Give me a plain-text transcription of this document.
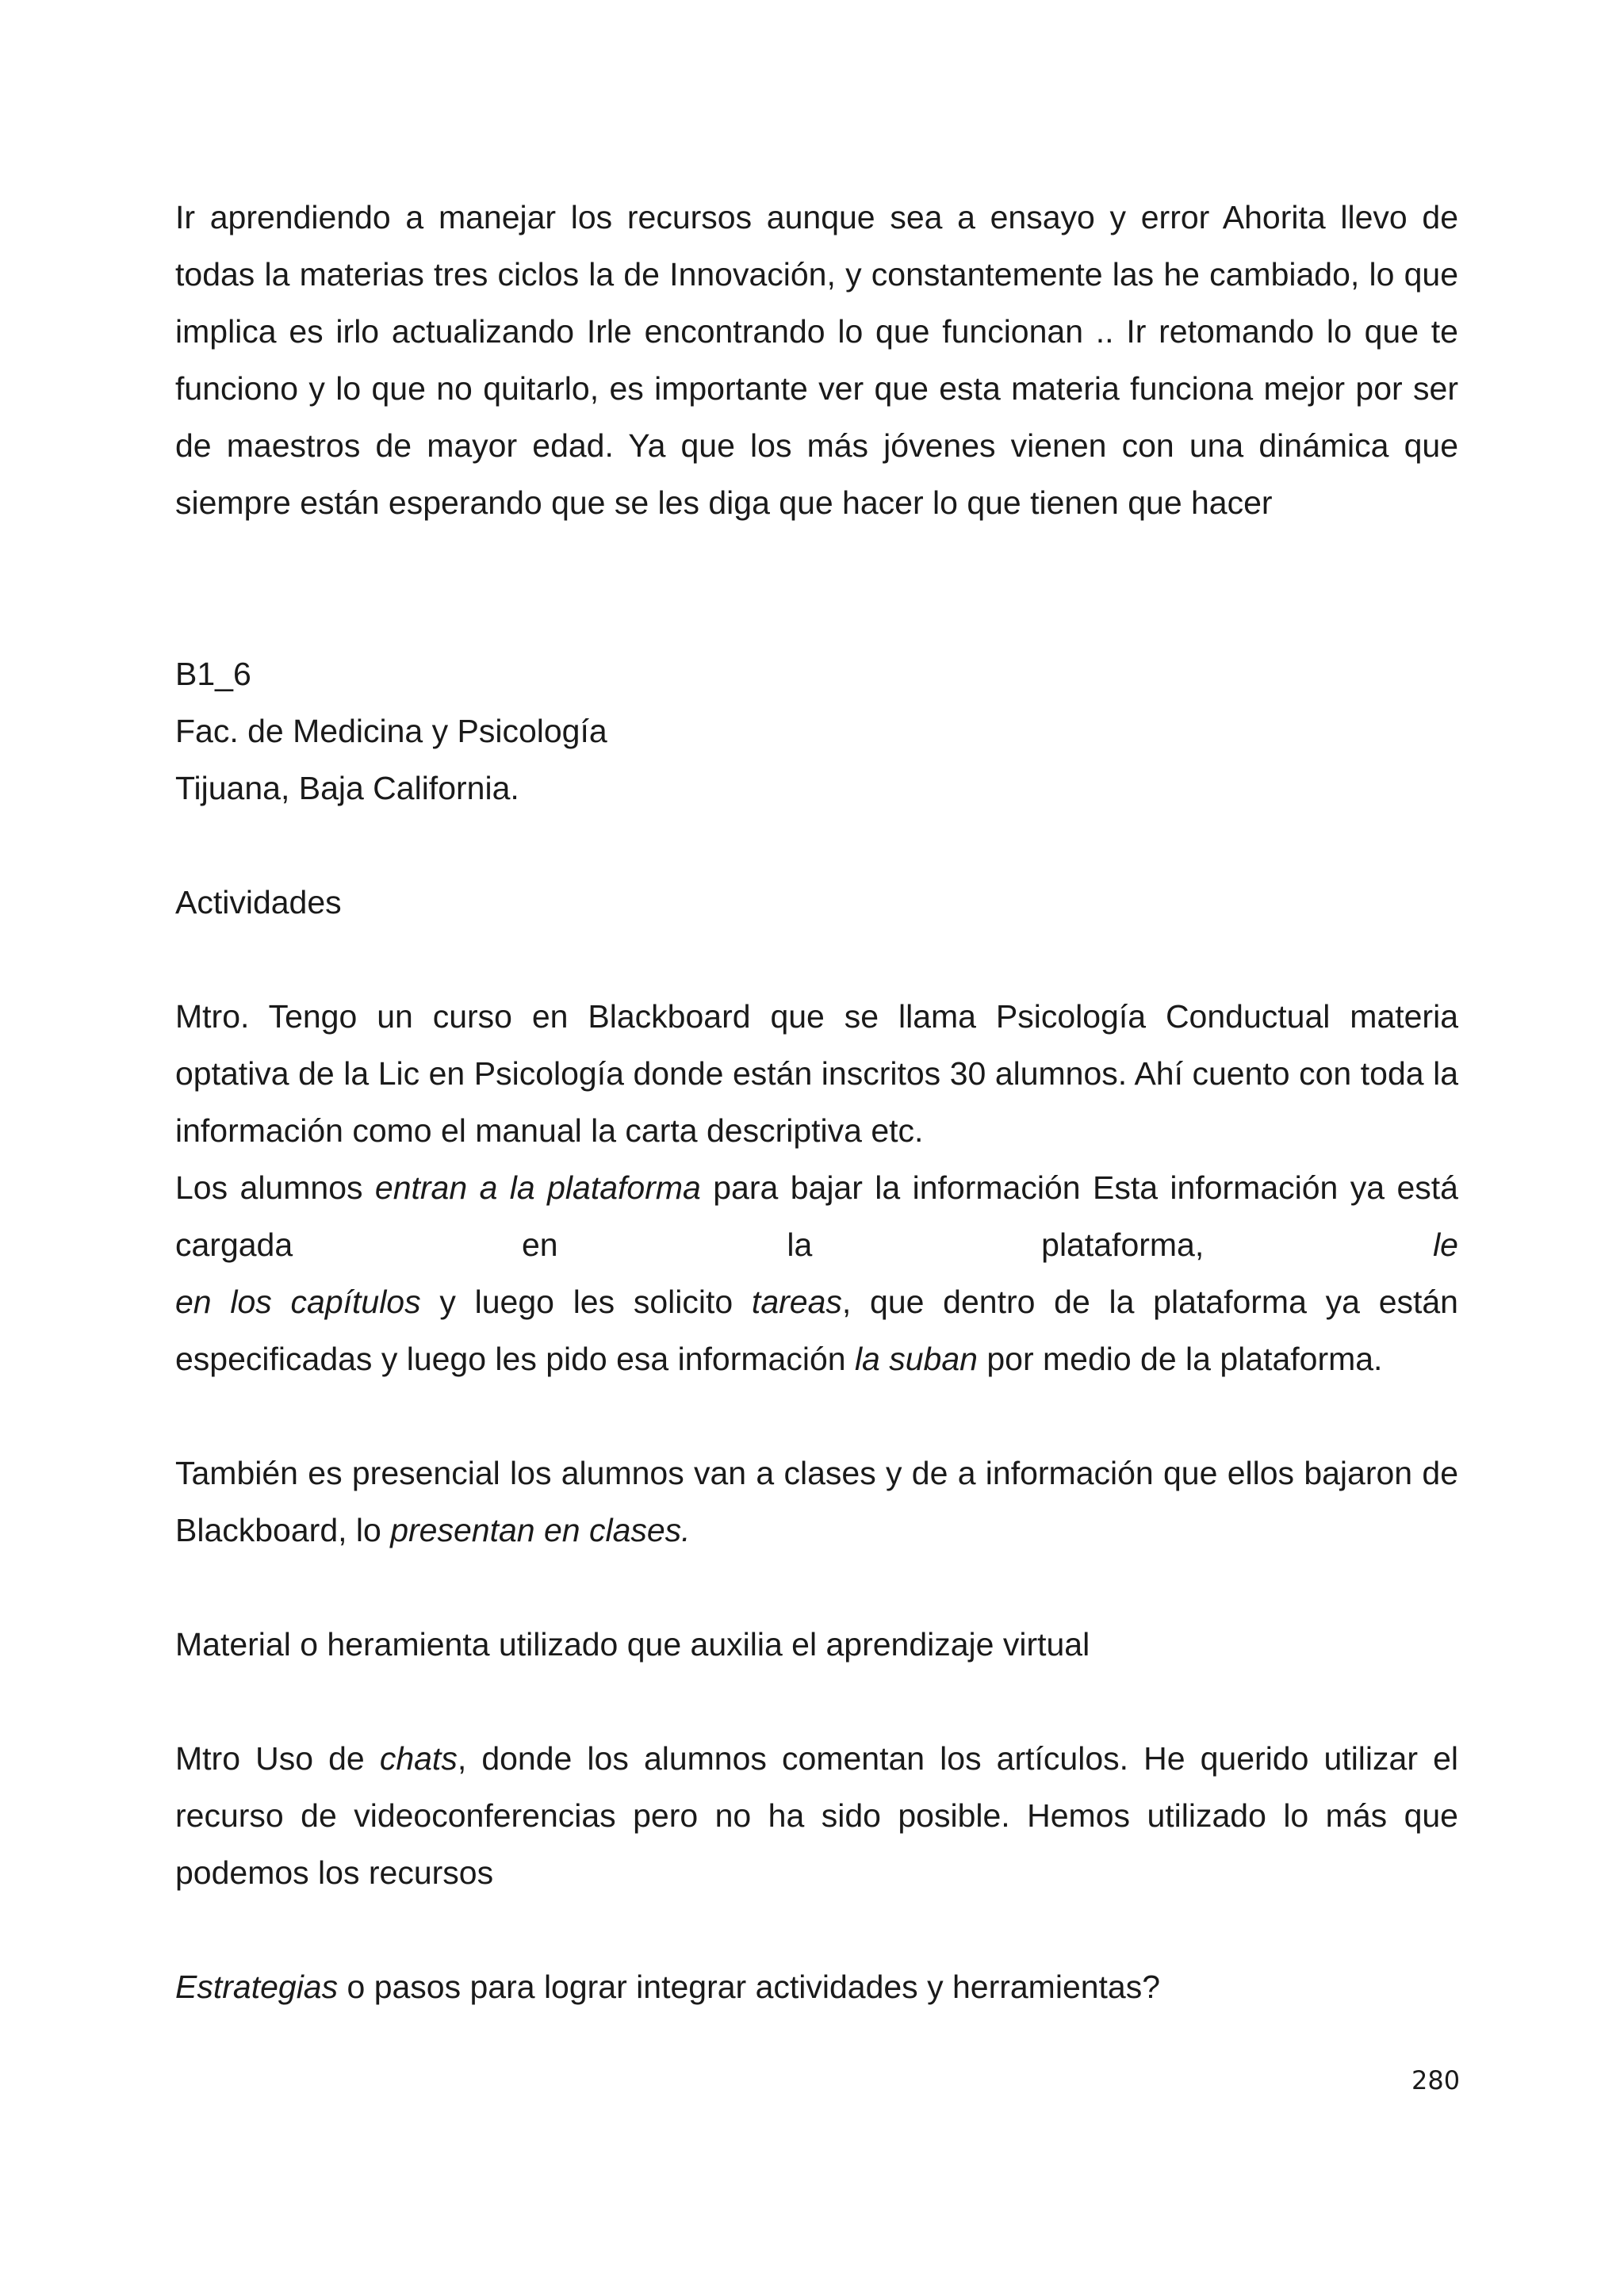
Ir aprendiendo a manejar los recursos aunque sea a ensayo y error Ahorita llevo de todas la materias tres ciclos la de Innovación, y constantemente las he cambiado, lo que implica es irlo actualizando Irle encontrando lo que funcionan .. Ir retomando lo que te funciono y lo que no quitarlo, es importante ver que esta materia funciona mejor por ser de maestros de mayor edad. Ya que los más jóvenes vienen con una dinámica que siempre están esperando que se les diga que hacer lo que tienen que hacer

B1_6

Fac. de Medicina y Psicología

Tijuana, Baja California.

Actividades

Mtro. Tengo un curso en Blackboard que se llama Psicología Conductual materia optativa de la Lic en Psicología donde están inscritos 30 alumnos. Ahí cuento con toda la información como el manual la carta descriptiva etc.

Los alumnos entran a la plataforma para bajar la información Esta información ya está cargada en la plataforma, le

en los capítulos y luego les solicito tareas, que dentro de la plataforma ya están especificadas y luego les pido esa información la suban por medio de la plataforma.

También es presencial los alumnos van a clases y de a información que ellos bajaron de Blackboard, lo presentan en clases.

Material o heramienta utilizado que auxilia el aprendizaje virtual

Mtro Uso de chats, donde los alumnos comentan los artículos. He querido utilizar el recurso de videoconferencias pero no ha sido posible. Hemos utilizado lo más que podemos los recursos

Estrategias o pasos para lograr integrar actividades y herramientas?

280
